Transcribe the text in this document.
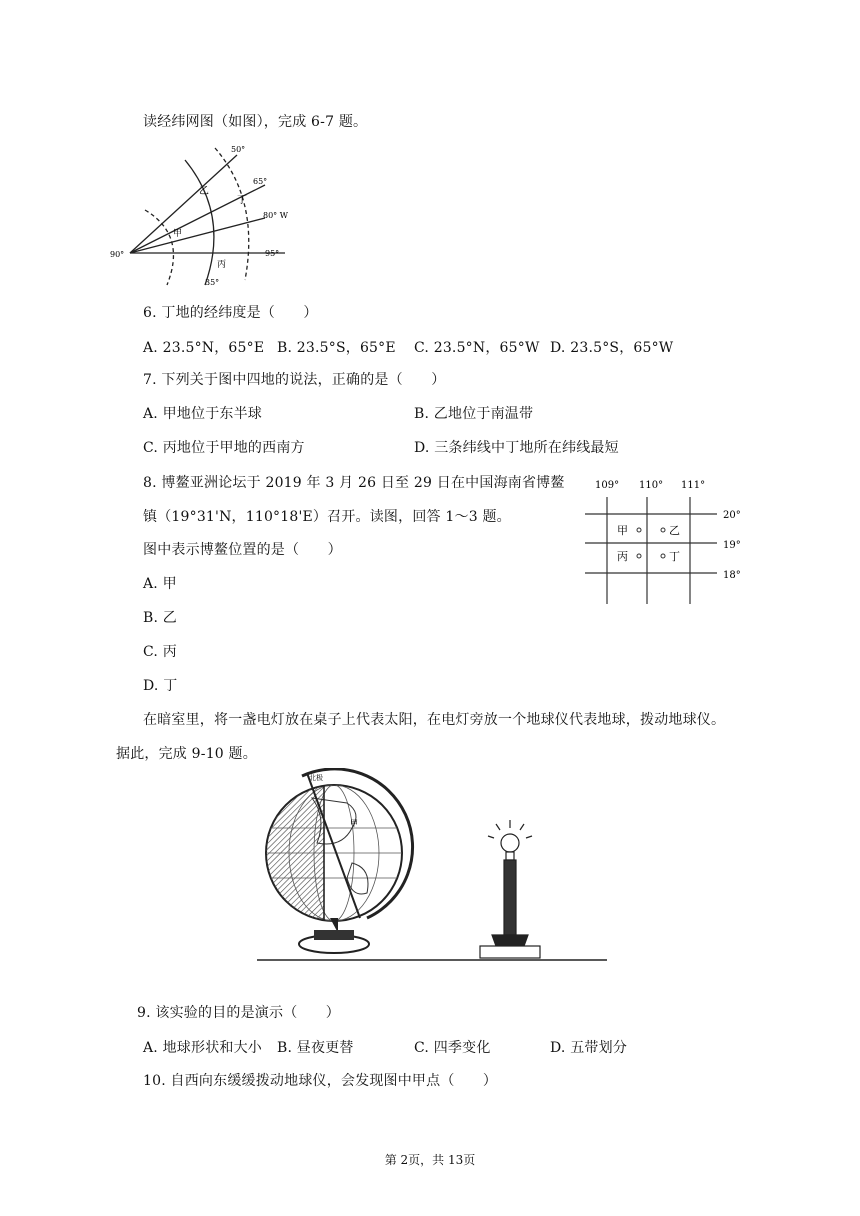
读经纬网图（如图），完成 6-7 题。
50°
65°
80° W
95°
90°
35°
乙
丁
甲
丙
6. 丁地的经纬度是（　　）
A. 23.5°N，65°E B. 23.5°S，65°E C. 23.5°N，65°W D. 23.5°S，65°W
7. 下列关于图中四地的说法，正确的是（　　）
A. 甲地位于东半球	B. 乙地位于南温带
C. 丙地位于甲地的西南方	D. 三条纬线中丁地所在纬线最短
8. 博鳌亚洲论坛于 2019 年 3 月 26 日至 29 日在中国海南省博鳌
镇（19°31'N，110°18'E）召开。读图，回答 1～3 题。
图中表示博鳌位置的是（　　）
A. 甲
B. 乙
C. 丙
D. 丁
109° 110° 111°
20°
19°
18°
甲	乙
丙	丁
在暗室里，将一盏电灯放在桌子上代表太阳，在电灯旁放一个地球仪代表地球，拨动地球仪。
据此，完成 9-10 题。
北极
甲
9. 该实验的目的是演示（　　）
A. 地球形状和大小 B. 昼夜更替	C. 四季变化	D. 五带划分
10. 自西向东缓缓拨动地球仪，会发现图中甲点（　　）
第 2页，共 13页
